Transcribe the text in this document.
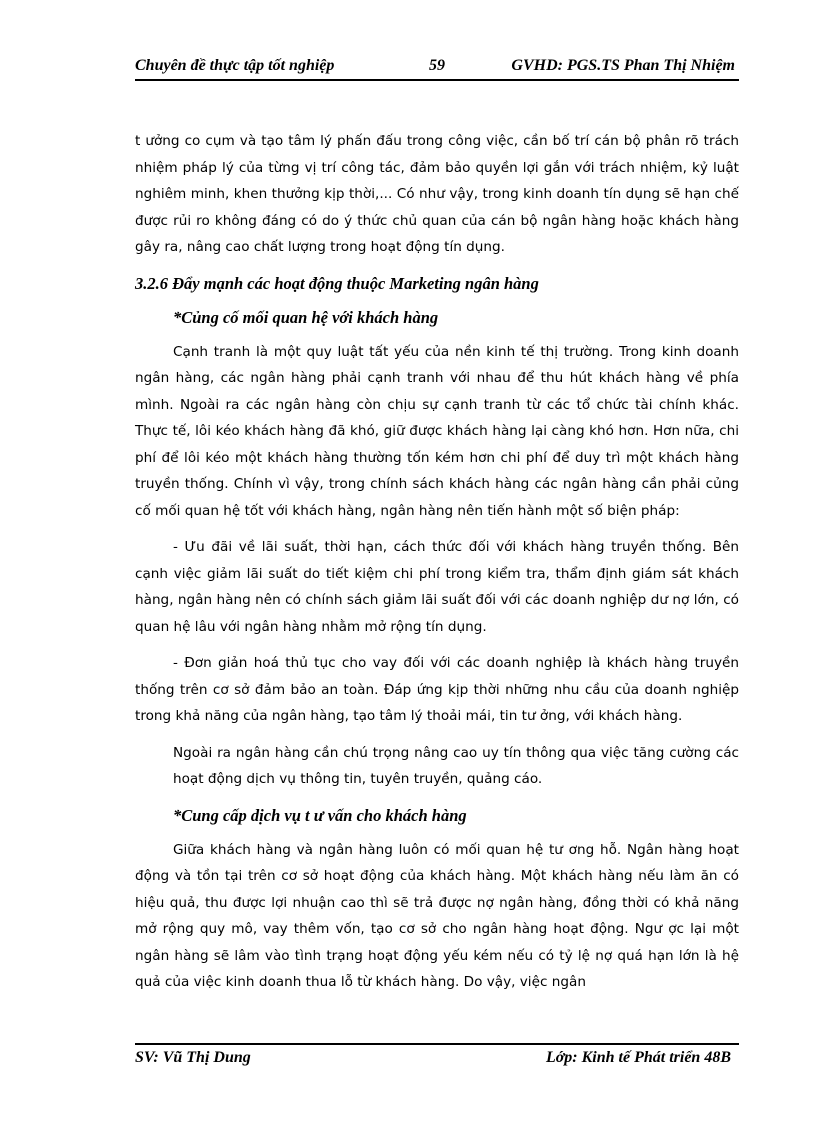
Chuyên đề thực tập tốt nghiệp	59	GVHD: PGS.TS Phan Thị Nhiệm

t ưởng co cụm và tạo tâm lý phấn đấu trong công việc, cần bố trí cán bộ phân rõ trách nhiệm pháp lý của từng vị trí công tác, đảm bảo quyền lợi gắn với trách nhiệm, kỷ luật nghiêm minh, khen thưởng kịp thời,... Có như vậy, trong kinh doanh tín dụng sẽ hạn chế được rủi ro không đáng có do ý thức chủ quan của cán bộ ngân hàng hoặc khách hàng gây ra, nâng cao chất lượng trong hoạt động tín dụng.

3.2.6 Đẩy mạnh các hoạt động thuộc Marketing ngân hàng

*Củng cố mối quan hệ với khách hàng

Cạnh tranh là một quy luật tất yếu của nền kinh tế thị trường. Trong kinh doanh ngân hàng, các ngân hàng phải cạnh tranh với nhau để thu hút khách hàng về phía mình. Ngoài ra các ngân hàng còn chịu sự cạnh tranh từ các tổ chức tài chính khác. Thực tế, lôi kéo khách hàng đã khó, giữ được khách hàng lại càng khó hơn. Hơn nữa, chi phí để lôi kéo một khách hàng thường tốn kém hơn chi phí để duy trì một khách hàng truyền thống. Chính vì vậy, trong chính sách khách hàng các ngân hàng cần phải củng cố mối quan hệ tốt với khách hàng, ngân hàng nên tiến hành một số biện pháp:

- Ưu đãi về lãi suất, thời hạn, cách thức đối với khách hàng truyền thống. Bên cạnh việc giảm lãi suất do tiết kiệm chi phí trong kiểm tra, thẩm định giám sát khách hàng, ngân hàng nên có chính sách giảm lãi suất đối với các doanh nghiệp dư nợ lớn, có quan hệ lâu với ngân hàng nhằm mở rộng tín dụng.

- Đơn giản hoá thủ tục cho vay đối với các doanh nghiệp là khách hàng truyền thống trên cơ sở đảm bảo an toàn. Đáp ứng kịp thời những nhu cầu của doanh nghiệp trong khả năng của ngân hàng, tạo tâm lý thoải mái, tin tư ởng, với khách hàng.

Ngoài ra ngân hàng cần chú trọng nâng cao uy tín thông qua việc tăng cường các hoạt động dịch vụ thông tin, tuyên truyền, quảng cáo.

*Cung cấp dịch vụ t ư vấn cho khách hàng

Giữa khách hàng và ngân hàng luôn có mối quan hệ tư ơng hỗ. Ngân hàng hoạt động và tồn tại trên cơ sở hoạt động của khách hàng. Một khách hàng nếu làm ăn có hiệu quả, thu được lợi nhuận cao thì sẽ trả được nợ ngân hàng, đồng thời có khả năng mở rộng quy mô, vay thêm vốn, tạo cơ sở cho ngân hàng hoạt động. Ngư ợc lại một ngân hàng sẽ lâm vào tình trạng hoạt động yếu kém nếu có tỷ lệ nợ quá hạn lớn là hệ quả của việc kinh doanh thua lỗ từ khách hàng. Do vậy, việc ngân

SV: Vũ Thị Dung	Lớp: Kinh tế Phát triển 48B
